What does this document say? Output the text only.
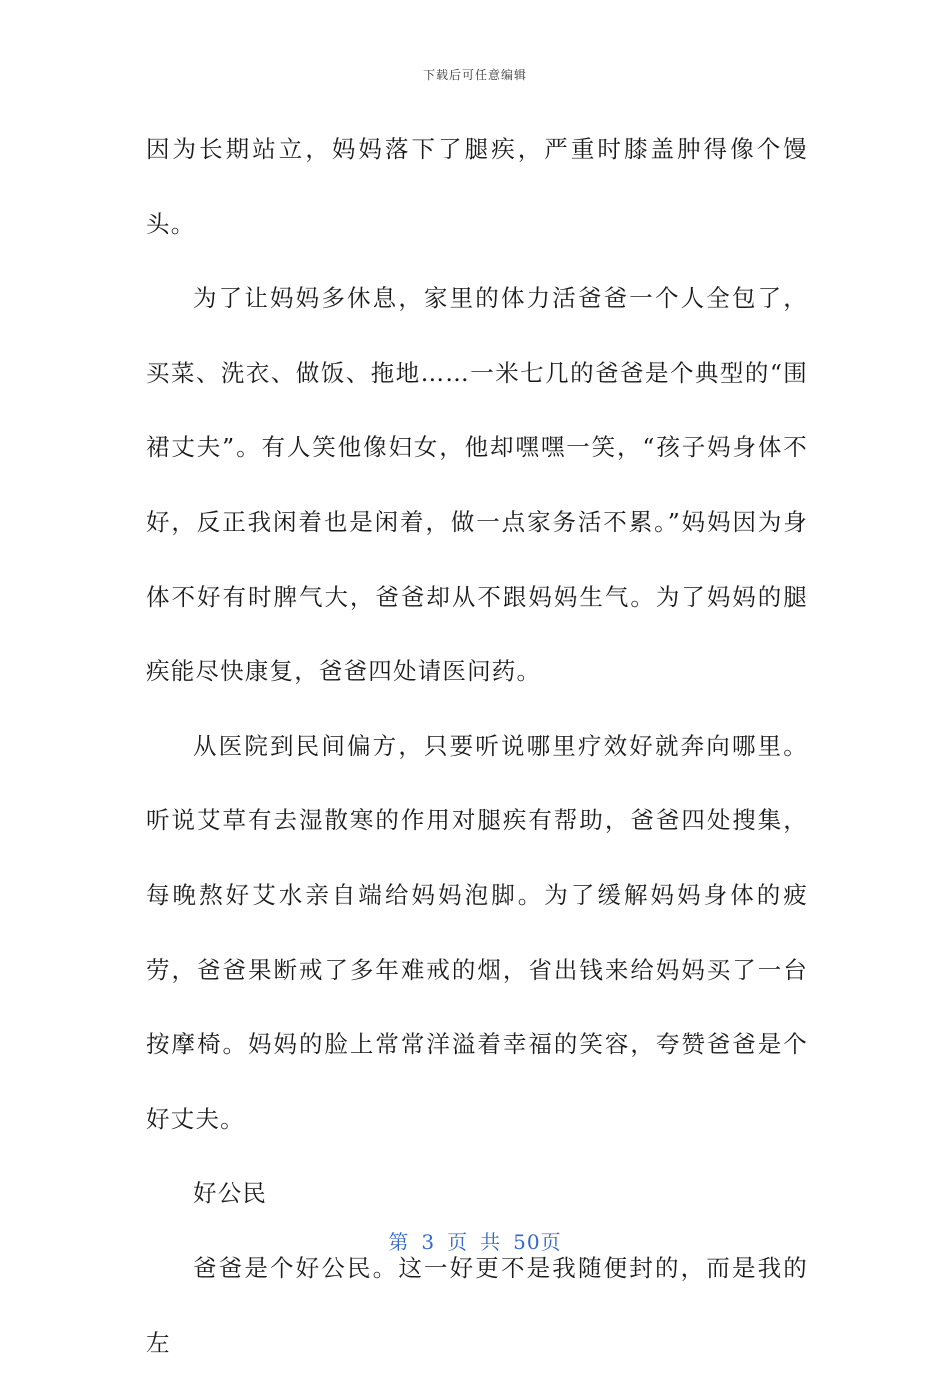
下载后可任意编辑

因为长期站立，妈妈落下了腿疾，严重时膝盖肿得像个馒头。

为了让妈妈多休息，家里的体力活爸爸一个人全包了，买菜、洗衣、做饭、拖地……一米七几的爸爸是个典型的“围裙丈夫”。有人笑他像妇女，他却嘿嘿一笑，“孩子妈身体不好，反正我闲着也是闲着，做一点家务活不累。”妈妈因为身体不好有时脾气大，爸爸却从不跟妈妈生气。为了妈妈的腿疾能尽快康复，爸爸四处请医问药。

从医院到民间偏方，只要听说哪里疗效好就奔向哪里。听说艾草有去湿散寒的作用对腿疾有帮助，爸爸四处搜集，每晚熬好艾水亲自端给妈妈泡脚。为了缓解妈妈身体的疲劳，爸爸果断戒了多年难戒的烟，省出钱来给妈妈买了一台按摩椅。妈妈的脸上常常洋溢着幸福的笑容，夸赞爸爸是个好丈夫。

好公民

爸爸是个好公民。这一好更不是我随便封的，而是我的左

第 3 页 共 50页
